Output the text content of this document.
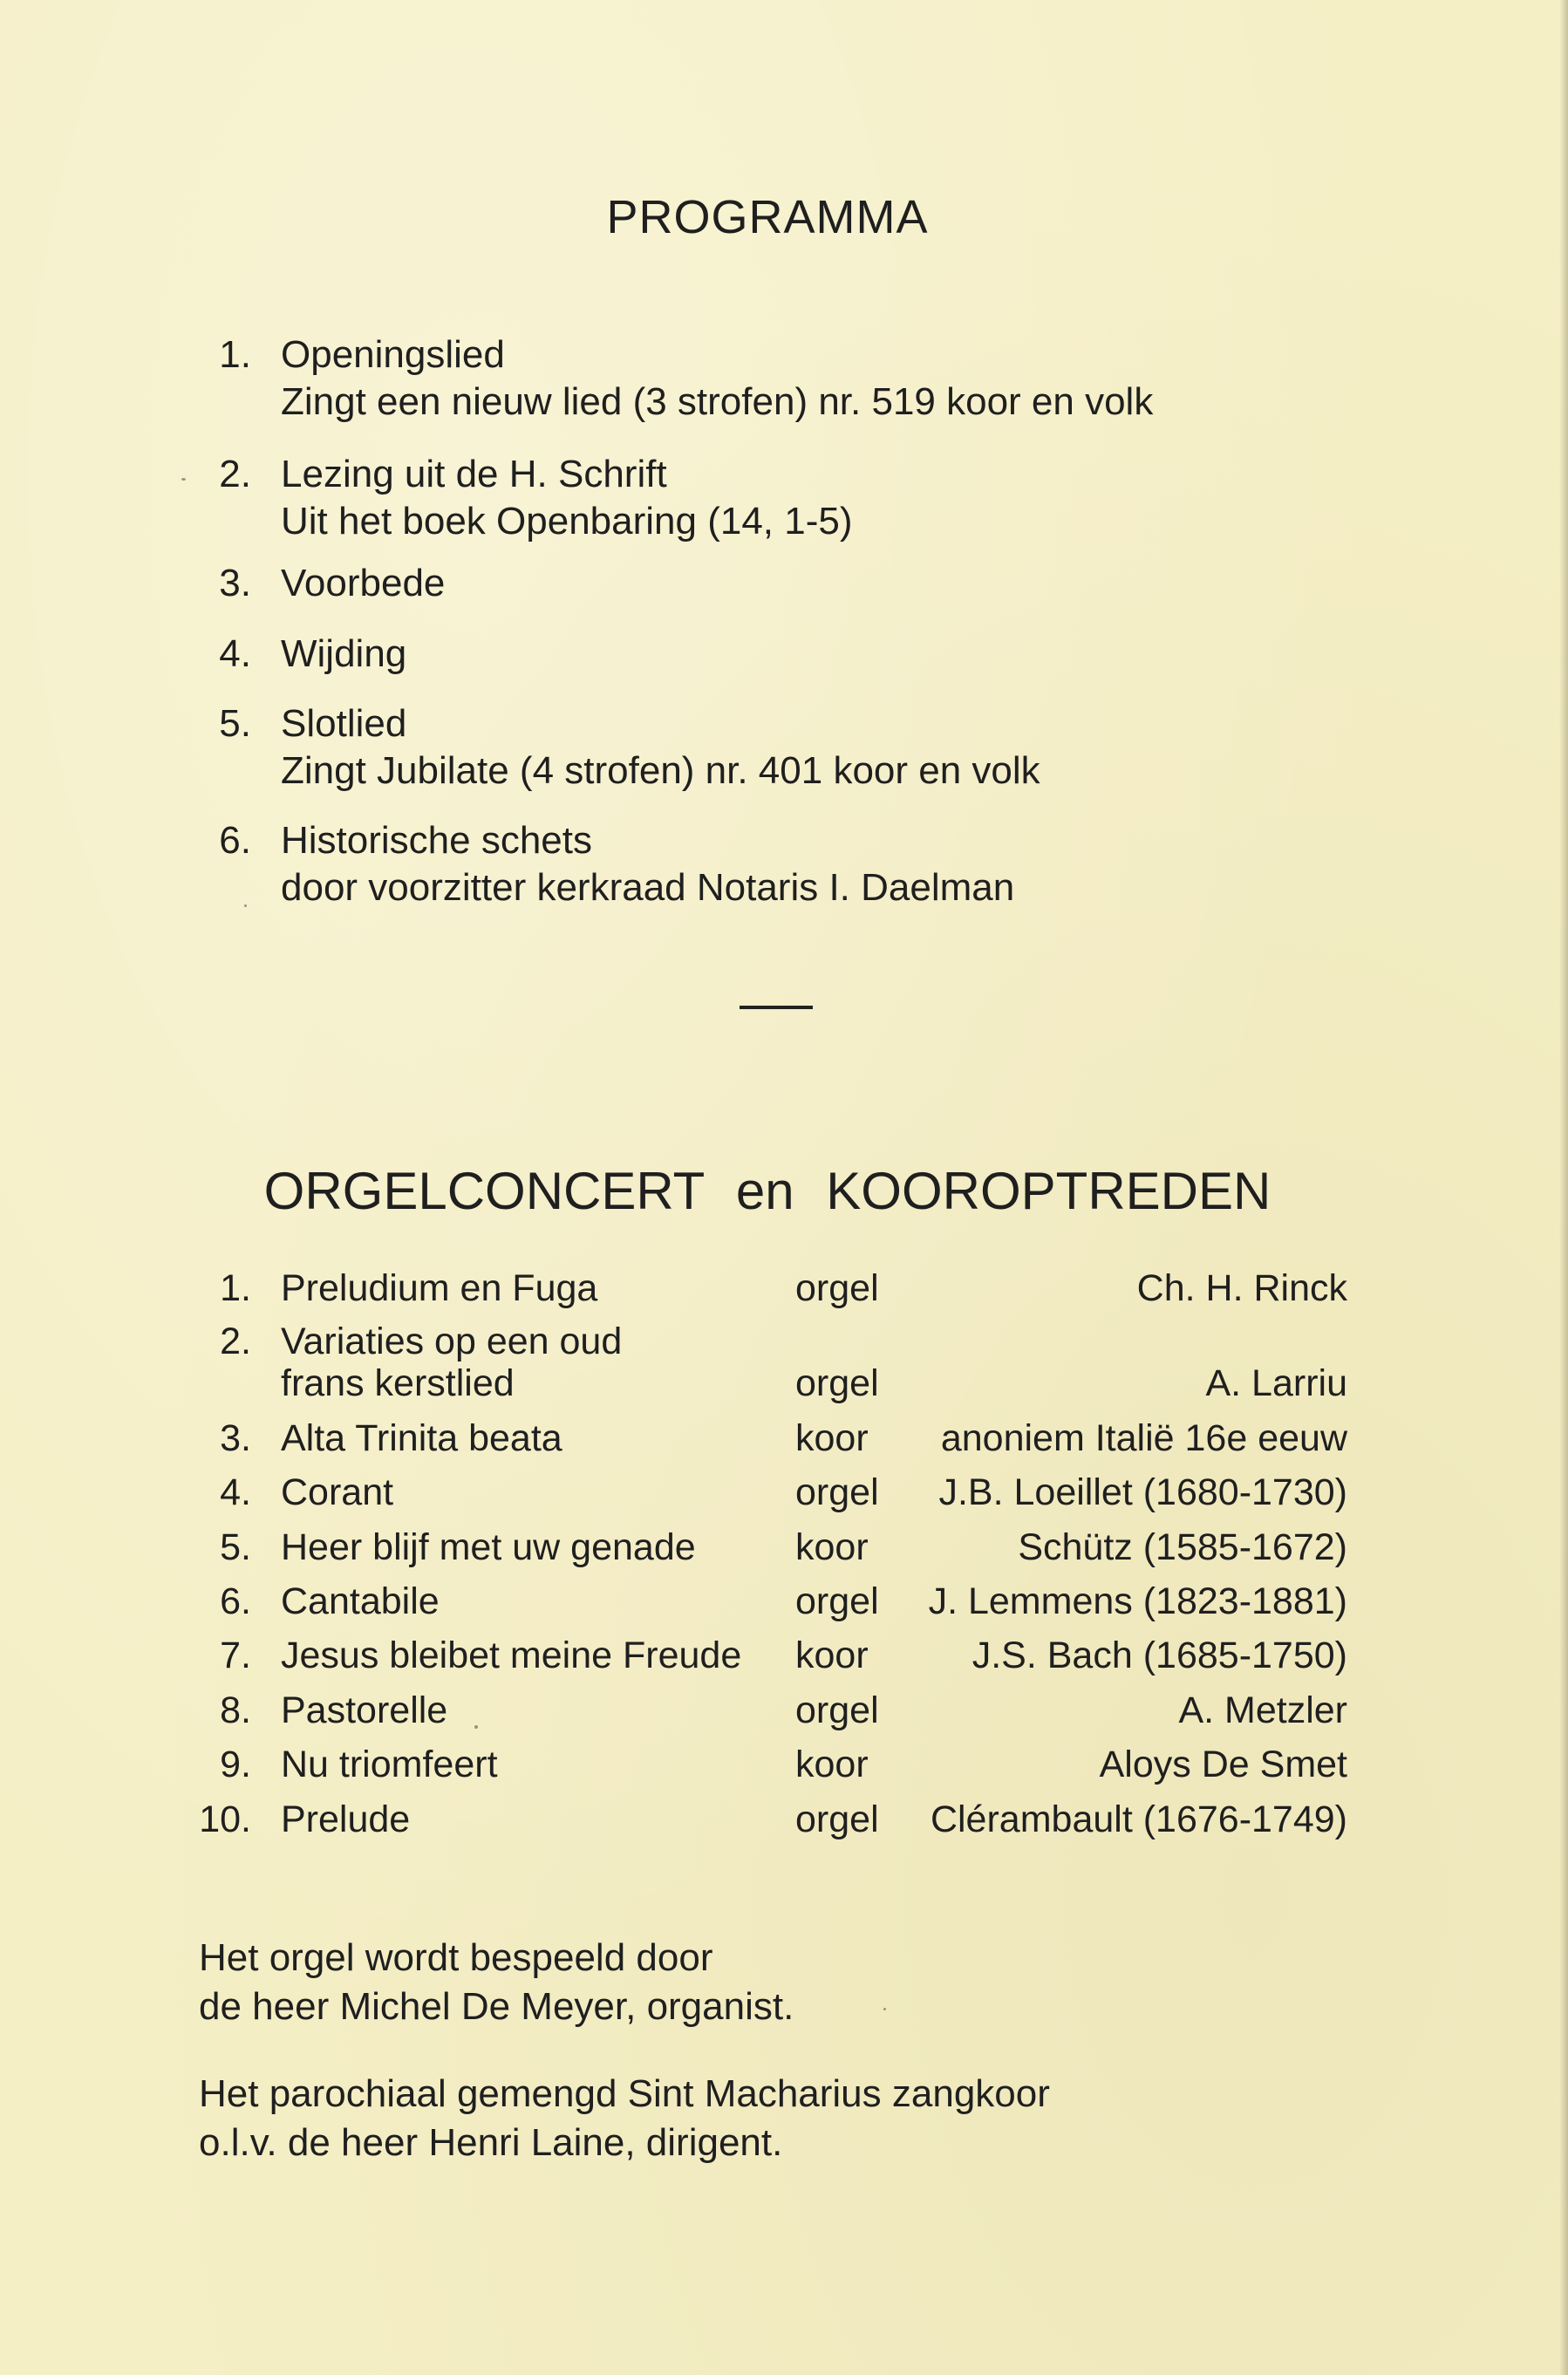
PROGRAMMA
1. Openingslied
Zingt een nieuw lied (3 strofen) nr. 519 koor en volk
2. Lezing uit de H. Schrift
Uit het boek Openbaring (14, 1-5)
3. Voorbede
4. Wijding
5. Slotlied
Zingt Jubilate (4 strofen) nr. 401 koor en volk
6. Historische schets
door voorzitter kerkraad Notaris I. Daelman
ORGELCONCERT en KOOROPTREDEN
1. Preludium en Fuga	orgel	Ch. H. Rinck
2. Variaties op een oud
frans kerstlied	orgel	A. Larriu
3. Alta Trinita beata	koor anoniem Italië 16e eeuw
4. Corant	orgel J.B. Loeillet (1680-1730)
5. Heer blijf met uw genade	koor	Schütz (1585-1672)
6. Cantabile	orgel J. Lemmens (1823-1881)
7. Jesus bleibet meine Freude koor	J.S. Bach (1685-1750)
8. Pastorelle	orgel	A. Metzler
9. Nu triomfeert	koor	Aloys De Smet
10. Prelude	orgel Clérambault (1676-1749)
Het orgel wordt bespeeld door
de heer Michel De Meyer, organist.
Het parochiaal gemengd Sint Macharius zangkoor
o.l.v. de heer Henri Laine, dirigent.
